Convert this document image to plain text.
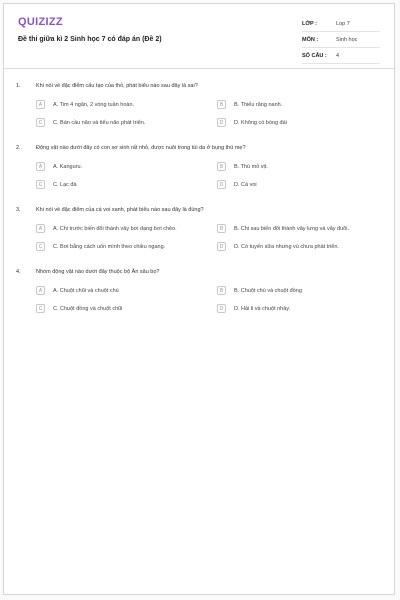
QUIZIZZ
Đề thi giữa kì 2 Sinh học 7 có đáp án (Đề 2)
LỚP :	Lop 7
MÔN :	Sinh học
SỐ CÂU :	4
1.	Khi nói về đặc điểm cấu tạo của thỏ, phát biểu nào sau đây là sai?
A	A. Tim 4 ngăn, 2 vòng tuần hoàn.	B	B. Thiếu răng nanh.
C	C. Bán cầu não và tiểu não phát triển.	D	D. Không có bóng đái
2.	Động vật nào dưới đây có con sơ sinh rất nhỏ, được nuôi trong túi da ở bụng thú mẹ?
A	A. Kanguru.	B	B. Thú mỏ vịt.
C	C. Lạc đà	D	D. Cá voi
3.	Khi nói về đặc điểm của cá voi xanh, phát biểu nào sau đây là đúng?
A	A. Chi trước biến đổi thành vây bơi dạng bơi chèo.	B	B. Chi sau biến đổi thành vây lưng và vây đuôi.
C	C. Bơi bằng cách uốn mình theo chiều ngang.	D	D. Có tuyến sữa nhưng vú chưa phát triển.
4.	Nhóm động vật nào dưới đây thuộc bộ Ăn sâu bọ?
A	A. Chuột chũi và chuột chù	B	B. Chuột chù và chuột đồng
C	C. Chuột đồng và chuột chũi	D	D. Hải li và chuột nhảy.
